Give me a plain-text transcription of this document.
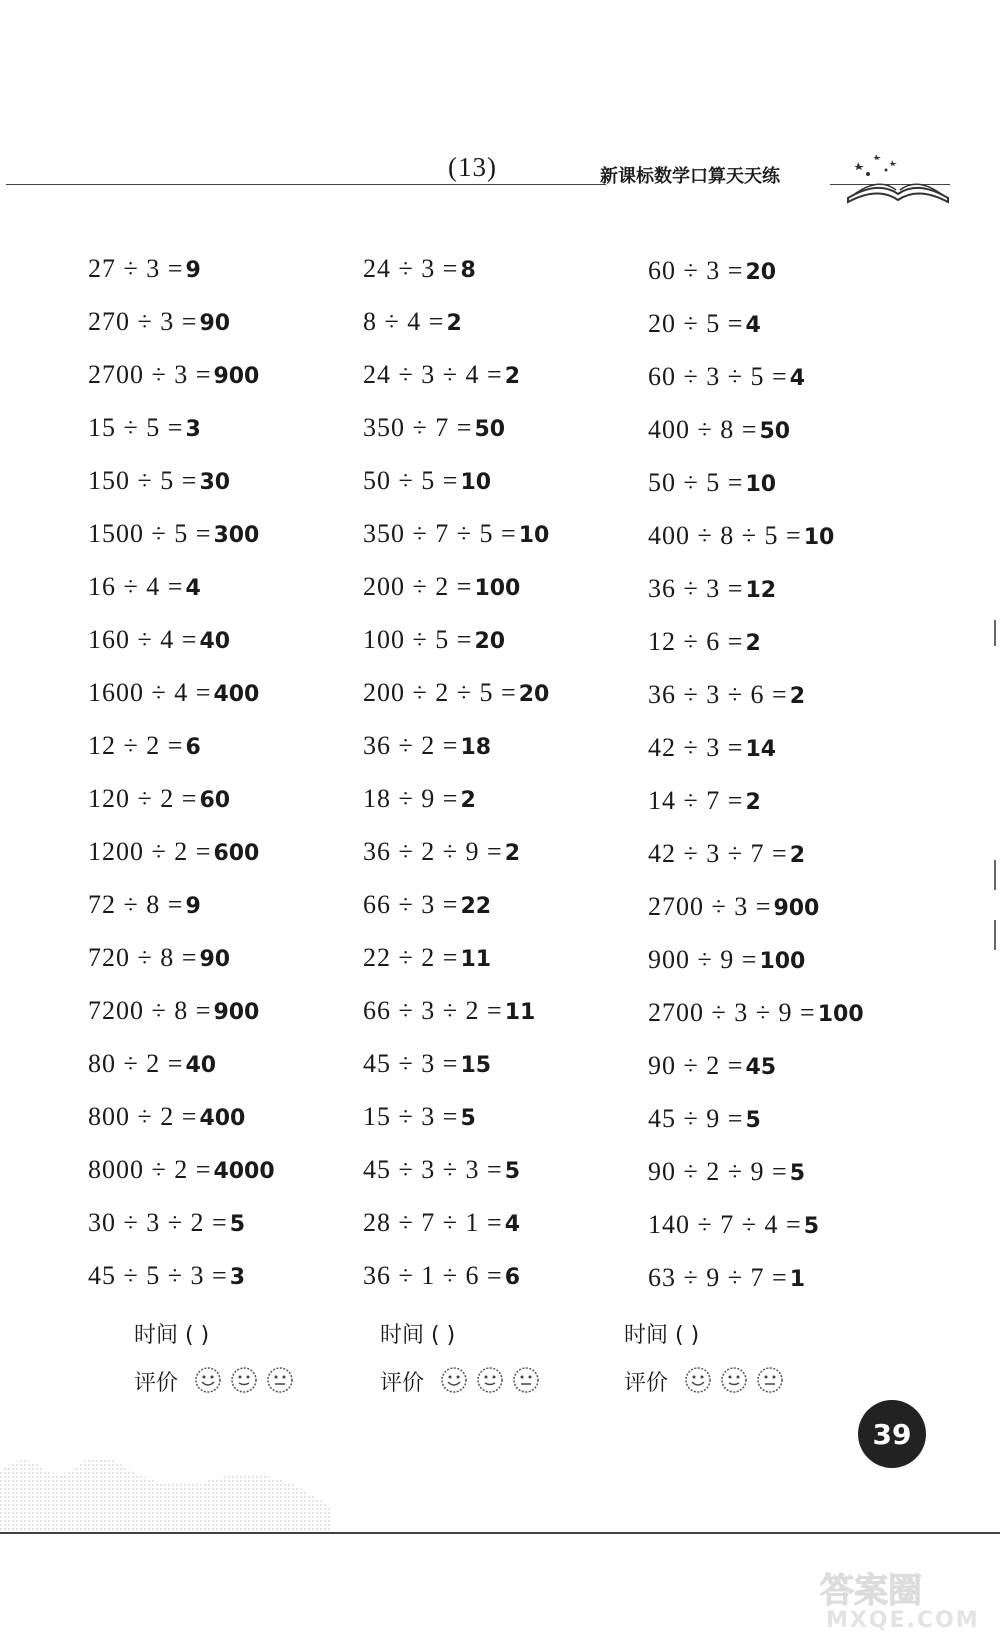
(13)	新课标数学口算天天练
27 ÷ 3 =9
270 ÷ 3 =90
2700 ÷ 3 =900
15 ÷ 5 =3
150 ÷ 5 =30
1500 ÷ 5 =300
16 ÷ 4 =4
160 ÷ 4 =40
1600 ÷ 4 =400
12 ÷ 2 =6
120 ÷ 2 =60
1200 ÷ 2 =600
72 ÷ 8 =9
720 ÷ 8 =90
7200 ÷ 8 =900
80 ÷ 2 =40
800 ÷ 2 =400
8000 ÷ 2 =4000
30 ÷ 3 ÷ 2 =5
45 ÷ 5 ÷ 3 =3
24 ÷ 3 =8
8 ÷ 4 =2
24 ÷ 3 ÷ 4 =2
350 ÷ 7 =50
50 ÷ 5 =10
350 ÷ 7 ÷ 5 =10
200 ÷ 2 =100
100 ÷ 5 =20
200 ÷ 2 ÷ 5 =20
36 ÷ 2 =18
18 ÷ 9 =2
36 ÷ 2 ÷ 9 =2
66 ÷ 3 =22
22 ÷ 2 =11
66 ÷ 3 ÷ 2 =11
45 ÷ 3 =15
15 ÷ 3 =5
45 ÷ 3 ÷ 3 =5
28 ÷ 7 ÷ 1 =4
36 ÷ 1 ÷ 6 =6
60 ÷ 3 =20
20 ÷ 5 =4
60 ÷ 3 ÷ 5 =4
400 ÷ 8 =50
50 ÷ 5 =10
400 ÷ 8 ÷ 5 =10
36 ÷ 3 =12
12 ÷ 6 =2
36 ÷ 3 ÷ 6 =2
42 ÷ 3 =14
14 ÷ 7 =2
42 ÷ 3 ÷ 7 =2
2700 ÷ 3 =900
900 ÷ 9 =100
2700 ÷ 3 ÷ 9 =100
90 ÷ 2 =45
45 ÷ 9 =5
90 ÷ 2 ÷ 9 =5
140 ÷ 7 ÷ 4 =5
63 ÷ 9 ÷ 7 =1
时间 ( )
评价
时间 ( )
评价
时间 ( )
评价
39
答案圈
MXQE.COM
